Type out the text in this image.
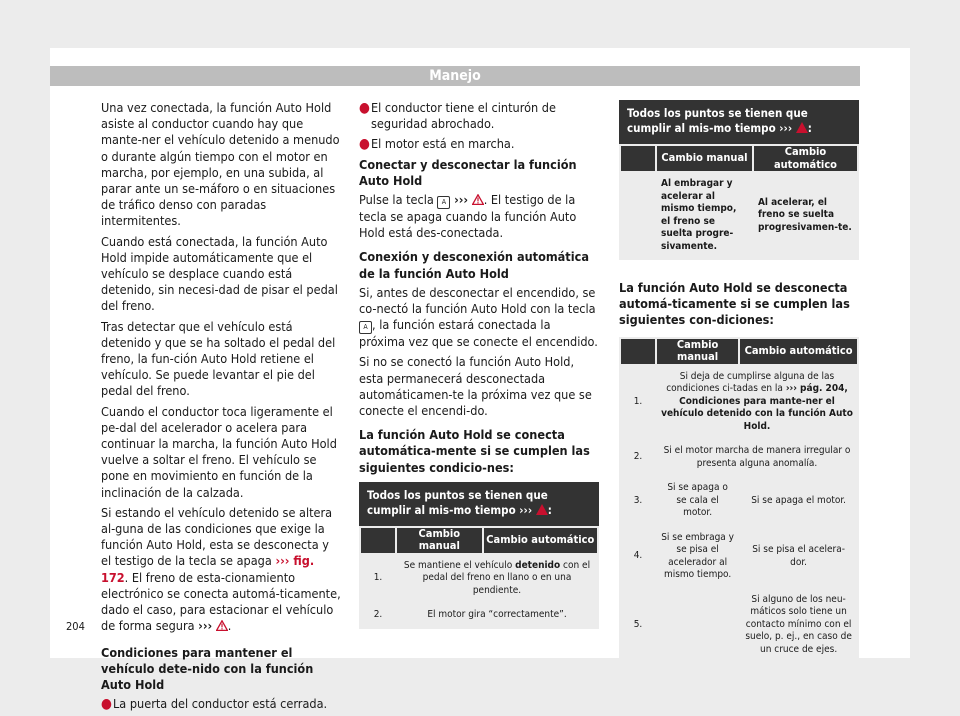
Manejo

Una vez conectada, la función Auto Hold asiste al conductor cuando hay que mante-ner el vehículo detenido a menudo o durante algún tiempo con el motor en marcha, por ejemplo, en una subida, al parar ante un se-máforo o en situaciones de tráfico denso con paradas intermitentes.

Cuando está conectada, la función Auto Hold impide automáticamente que el vehículo se desplace cuando está detenido, sin necesi-dad de pisar el pedal del freno.

Tras detectar que el vehículo está detenido y que se ha soltado el pedal del freno, la fun-ción Auto Hold retiene el vehículo. Se puede levantar el pie del pedal del freno.

Cuando el conductor toca ligeramente el pe-dal del acelerador o acelera para continuar la marcha, la función Auto Hold vuelve a soltar el freno. El vehículo se pone en movimiento en función de la inclinación de la calzada.

Si estando el vehículo detenido se altera al-guna de las condiciones que exige la función Auto Hold, esta se desconecta y el testigo de la tecla se apaga ››› fig. 172. El freno de esta-cionamiento electrónico se conecta automá-ticamente, dado el caso, para estacionar el vehículo de forma segura ››› .

Condiciones para mantener el vehículo dete-nido con la función Auto Hold
● La puerta del conductor está cerrada.
● El conductor tiene el cinturón de seguridad abrochado.
● El motor está en marcha.
Conectar y desconectar la función Auto Hold

Pulse la tecla A ››› . El testigo de la tecla se apaga cuando la función Auto Hold está des-conectada.

Conexión y desconexión automática de la función Auto Hold

Si, antes de desconectar el encendido, se co-nectó la función Auto Hold con la tecla A , la función estará conectada la próxima vez que se conecte el encendido.

Si no se conectó la función Auto Hold, esta permanecerá desconectada automáticamen-te la próxima vez que se conecte el encendi-do.

La función Auto Hold se conecta automática-mente si se cumplen las siguientes condicio-nes:
Todos los puntos se tienen que cumplir al mis-mo tiempo ››› :
	Cambio manual	Cambio automático
1.	Se mantiene el vehículo detenido con el pedal del freno en llano o en una pendiente.	
2.	El motor gira “correctamente”.	
Todos los puntos se tienen que cumplir al mis-mo tiempo ››› :
	Cambio manual	Cambio automático
	Al embragar y acelerar al mismo tiempo, el freno se suelta progre-sivamente.	Al acelerar, el freno se suelta progresivamen-te.
La función Auto Hold se desconecta automá-ticamente si se cumplen las siguientes con-diciones:
	Cambio manual	Cambio automático
1.	Si deja de cumplirse alguna de las condiciones ci-tadas en la ››› pág. 204, Condiciones para mante-ner el vehículo detenido con la función Auto Hold.	
2.	Si el motor marcha de manera irregular o presenta alguna anomalía.	
3.	Si se apaga o se cala el motor.	Si se apaga el motor.
4.	Si se embraga y se pisa el acelerador al mismo tiempo.	Si se pisa el acelera-dor.
5.		Si alguno de los neu-máticos solo tiene un contacto mínimo con el suelo, p. ej., en caso de un cruce de ejes.
204
